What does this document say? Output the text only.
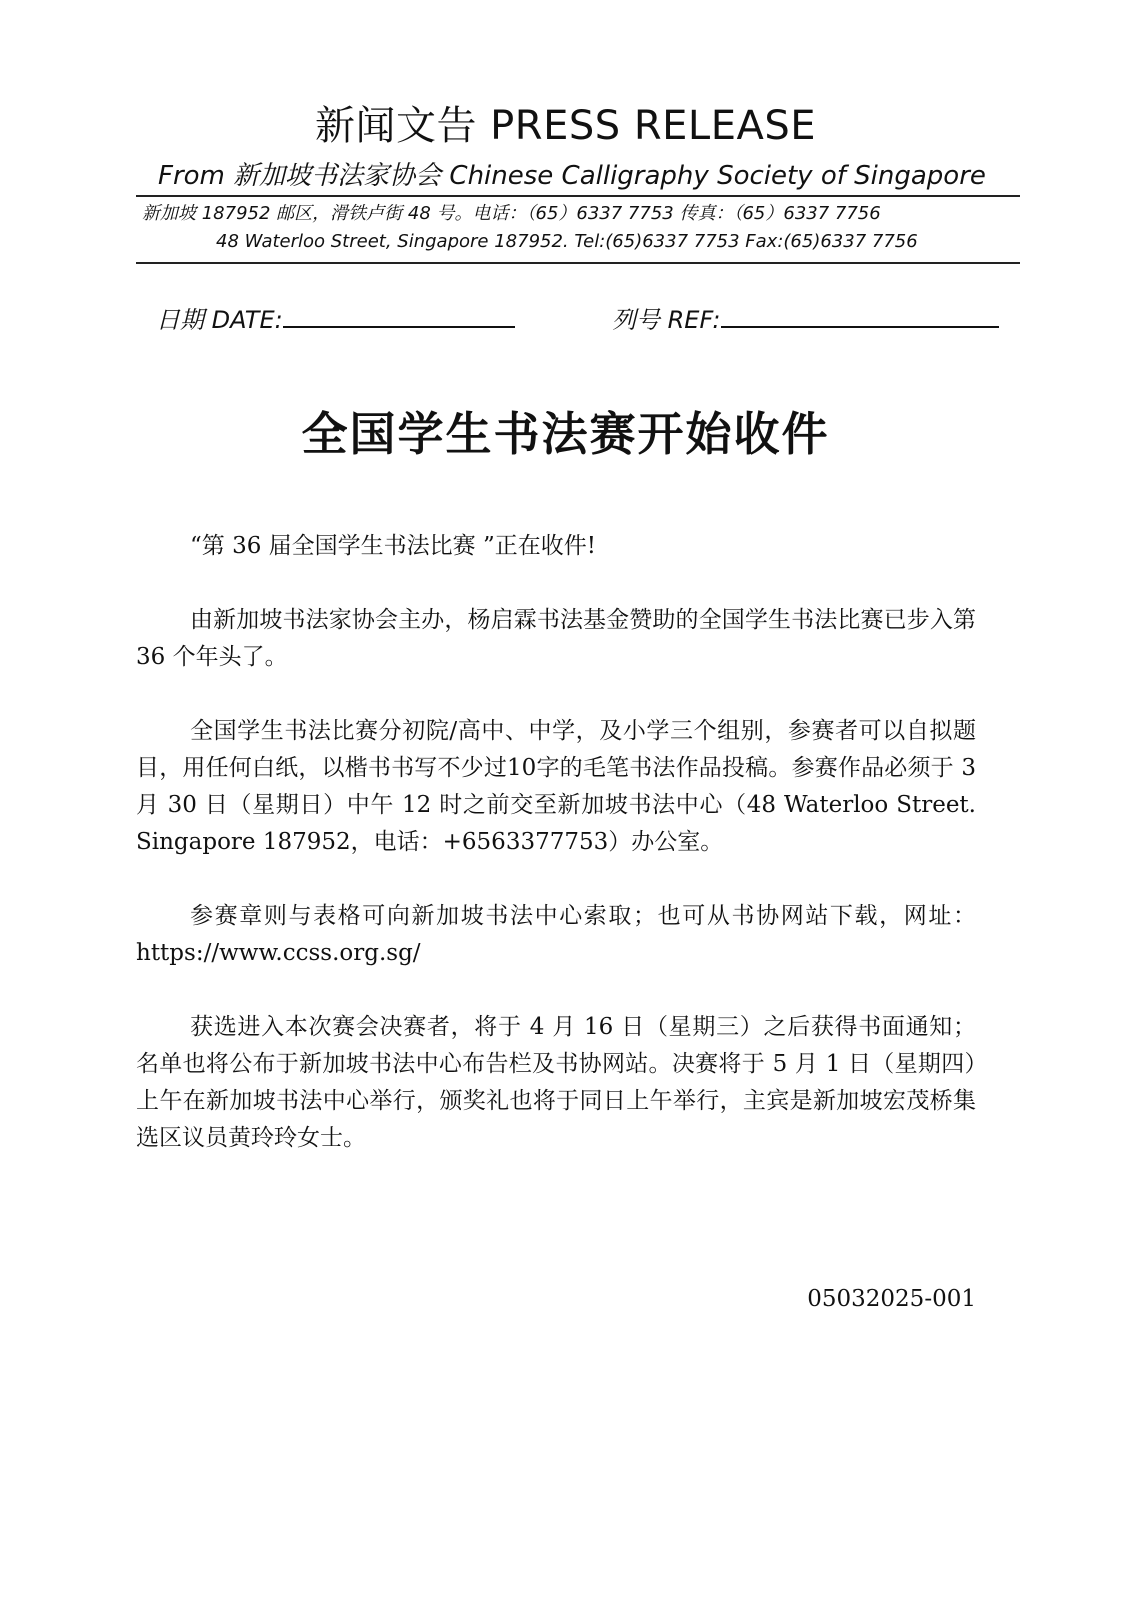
新闻文告 PRESS RELEASE
From 新加坡书法家协会 Chinese Calligraphy Society of Singapore
新加坡 187952 邮区，滑铁卢街 48 号。电话：（65）6337 7753 传真：（65）6337 7756
48 Waterloo Street, Singapore 187952. Tel:(65)6337 7753 Fax:(65)6337 7756
日期 DATE:	列号 REF:
全国学生书法赛开始收件

“第 36 届全国学生书法比赛 ”正在收件!

由新加坡书法家协会主办，杨启霖书法基金赞助的全国学生书法比赛已步入第 36 个年头了。

全国学生书法比赛分初院/高中、中学，及小学三个组别，参赛者可以自拟题目，用任何白纸，以楷书书写不少过10字的毛笔书法作品投稿。参赛作品必须于 3 月 30 日（星期日）中午 12 时之前交至新加坡书法中心（48 Waterloo Street. Singapore 187952，电话：+6563377753）办公室。

参赛章则与表格可向新加坡书法中心索取；也可从书协网站下载，网址：https://www.ccss.org.sg/

获选进入本次赛会决赛者，将于 4 月 16 日（星期三）之后获得书面通知；名单也将公布于新加坡书法中心布告栏及书协网站。决赛将于 5 月 1 日（星期四）上午在新加坡书法中心举行，颁奖礼也将于同日上午举行，主宾是新加坡宏茂桥集选区议员黄玲玲女士。

05032025-001
